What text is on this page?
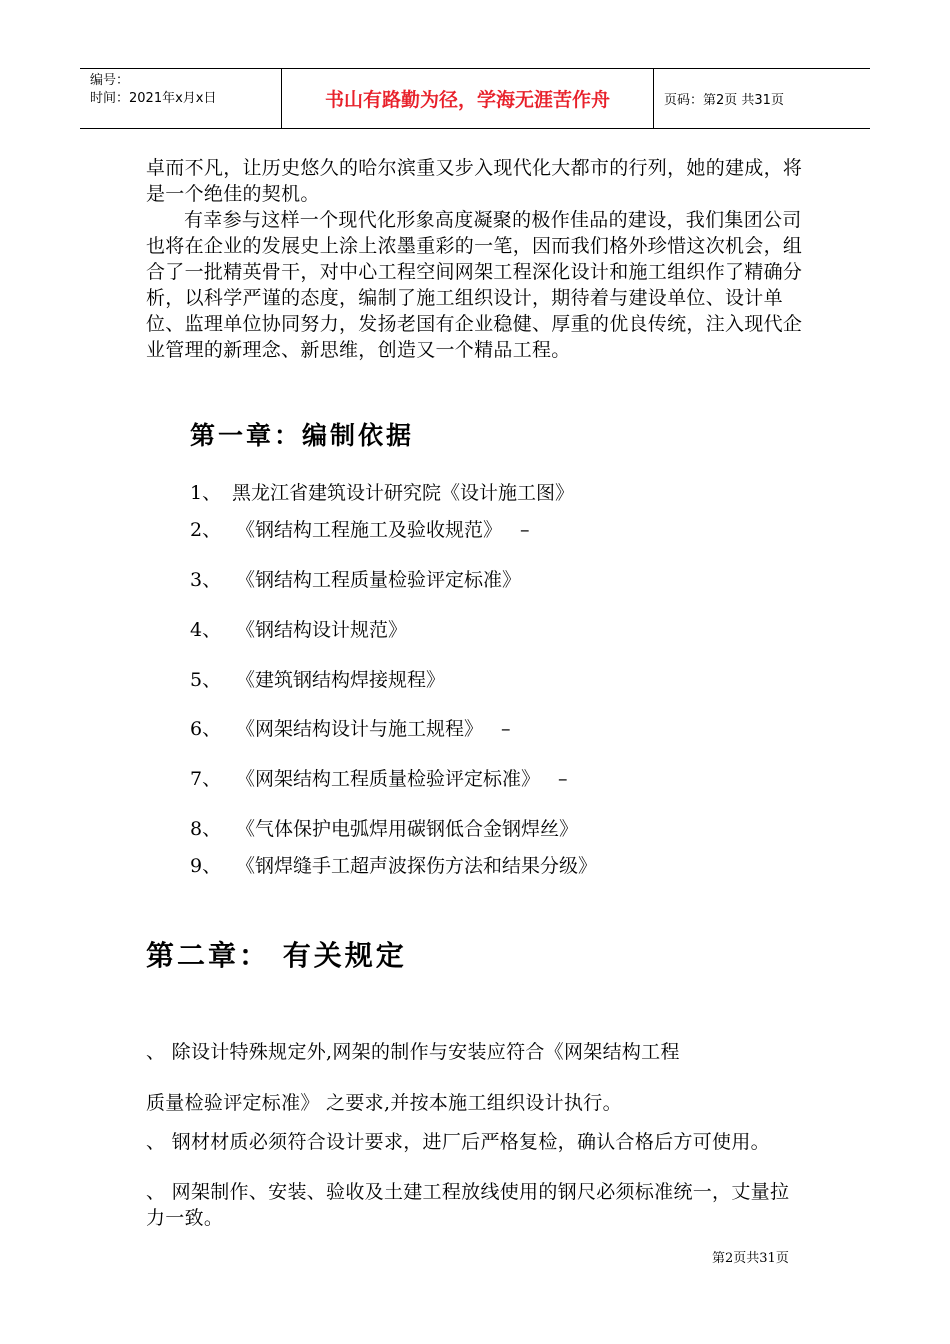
编号：
时间：2021年x月x日	书山有路勤为径，学海无涯苦作舟	页码：第2页 共31页

卓而不凡，让历史悠久的哈尔滨重又步入现代化大都市的行列，她的建成，将是一个绝佳的契机。

有幸参与这样一个现代化形象高度凝聚的极作佳品的建设，我们集团公司也将在企业的发展史上涂上浓墨重彩的一笔，因而我们格外珍惜这次机会，组合了一批精英骨干，对中心工程空间网架工程深化设计和施工组织作了精确分析，以科学严谨的态度，编制了施工组织设计，期待着与建设单位、设计单位、监理单位协同努力，发扬老国有企业稳健、厚重的优良传统，注入现代企业管理的新理念、新思维，创造又一个精品工程。

第一章：编制依据
1、 黑龙江省建筑设计研究院《设计施工图》
2、 《钢结构工程施工及验收规范》 –
3、 《钢结构工程质量检验评定标准》
4、 《钢结构设计规范》
5、 《建筑钢结构焊接规程》
6、 《网架结构设计与施工规程》 –
7、 《网架结构工程质量检验评定标准》 –
8、 《气体保护电弧焊用碳钢低合金钢焊丝》
9、 《钢焊缝手工超声波探伤方法和结果分级》
第二章： 有关规定

、 除设计特殊规定外,网架的制作与安装应符合《网架结构工程

质量检验评定标准》 之要求,并按本施工组织设计执行。

、 钢材材质必须符合设计要求，进厂后严格复检，确认合格后方可使用。

、 网架制作、安装、验收及土建工程放线使用的钢尺必须标准统一，丈量拉力一致。

第2页共31页
